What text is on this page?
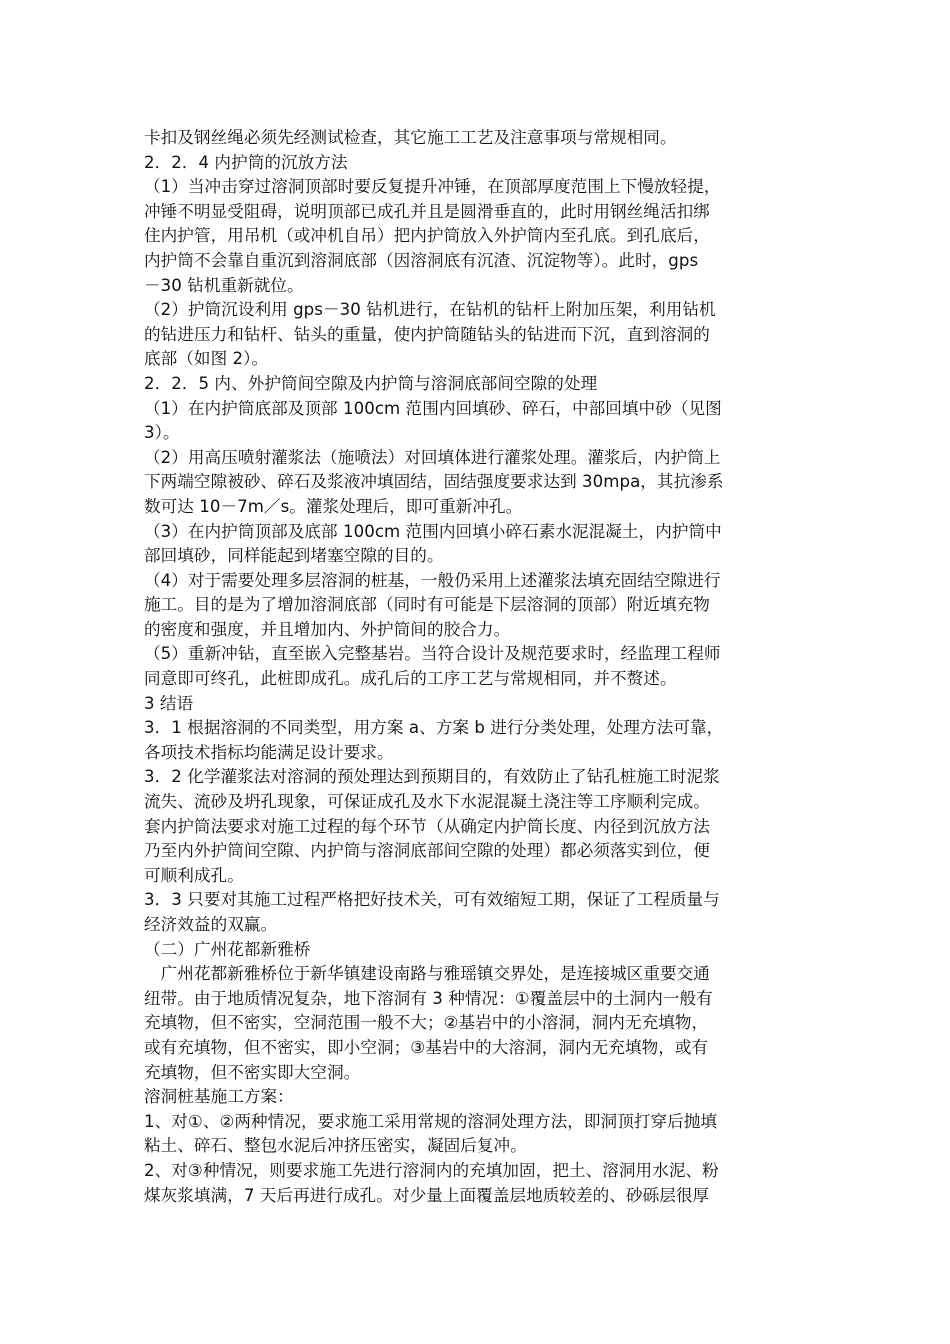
卡扣及钢丝绳必须先经测试检查，其它施工工艺及注意事项与常规相同。
2．2．4 内护筒的沉放方法
（1）当冲击穿过溶洞顶部时要反复提升冲锤，在顶部厚度范围上下慢放轻提，
冲锤不明显受阻碍，说明顶部已成孔并且是圆滑垂直的，此时用钢丝绳活扣绑
住内护管，用吊机（或冲机自吊）把内护筒放入外护筒内至孔底。到孔底后，
内护筒不会靠自重沉到溶洞底部（因溶洞底有沉渣、沉淀物等）。此时，gps
－30 钻机重新就位。
（2）护筒沉设利用 gps－30 钻机进行，在钻机的钻杆上附加压架，利用钻机
的钻进压力和钻杆、钻头的重量，使内护筒随钻头的钻进而下沉，直到溶洞的
底部（如图 2）。
2．2．5 内、外护筒间空隙及内护筒与溶洞底部间空隙的处理
（1）在内护筒底部及顶部 100cm 范围内回填砂、碎石，中部回填中砂（见图
3）。
（2）用高压喷射灌浆法（施喷法）对回填体进行灌浆处理。灌浆后，内护筒上
下两端空隙被砂、碎石及浆液冲填固结，固结强度要求达到 30mpa，其抗渗系
数可达 10－7m／s。灌浆处理后，即可重新冲孔。
（3）在内护筒顶部及底部 100cm 范围内回填小碎石素水泥混凝土，内护筒中
部回填砂，同样能起到堵塞空隙的目的。
（4）对于需要处理多层溶洞的桩基，一般仍采用上述灌浆法填充固结空隙进行
施工。目的是为了增加溶洞底部（同时有可能是下层溶洞的顶部）附近填充物
的密度和强度，并且增加内、外护筒间的胶合力。
（5）重新冲钻，直至嵌入完整基岩。当符合设计及规范要求时，经监理工程师
同意即可终孔，此桩即成孔。成孔后的工序工艺与常规相同，并不赘述。
3 结语
3．1 根据溶洞的不同类型，用方案 a、方案 b 进行分类处理，处理方法可靠，
各项技术指标均能满足设计要求。
3．2 化学灌浆法对溶洞的预处理达到预期目的，有效防止了钻孔桩施工时泥浆
流失、流砂及坍孔现象，可保证成孔及水下水泥混凝土浇注等工序顺利完成。
套内护筒法要求对施工过程的每个环节（从确定内护筒长度、内径到沉放方法
乃至内外护筒间空隙、内护筒与溶洞底部间空隙的处理）都必须落实到位，便
可顺利成孔。
3．3 只要对其施工过程严格把好技术关，可有效缩短工期，保证了工程质量与
经济效益的双赢。
（二）广州花都新雅桥
　广州花都新雅桥位于新华镇建设南路与雅瑶镇交界处，是连接城区重要交通
纽带。由于地质情况复杂，地下溶洞有 3 种情况：①覆盖层中的土洞内一般有
充填物，但不密实，空洞范围一般不大；②基岩中的小溶洞，洞内无充填物，
或有充填物，但不密实，即小空洞；③基岩中的大溶洞，洞内无充填物，或有
充填物，但不密实即大空洞。
溶洞桩基施工方案：
1、对①、②两种情况，要求施工采用常规的溶洞处理方法，即洞顶打穿后抛填
粘土、碎石、整包水泥后冲挤压密实，凝固后复冲。
2、对③种情况，则要求施工先进行溶洞内的充填加固，把土、溶洞用水泥、粉
煤灰浆填满，7 天后再进行成孔。对少量上面覆盖层地质较差的、砂砾层很厚
